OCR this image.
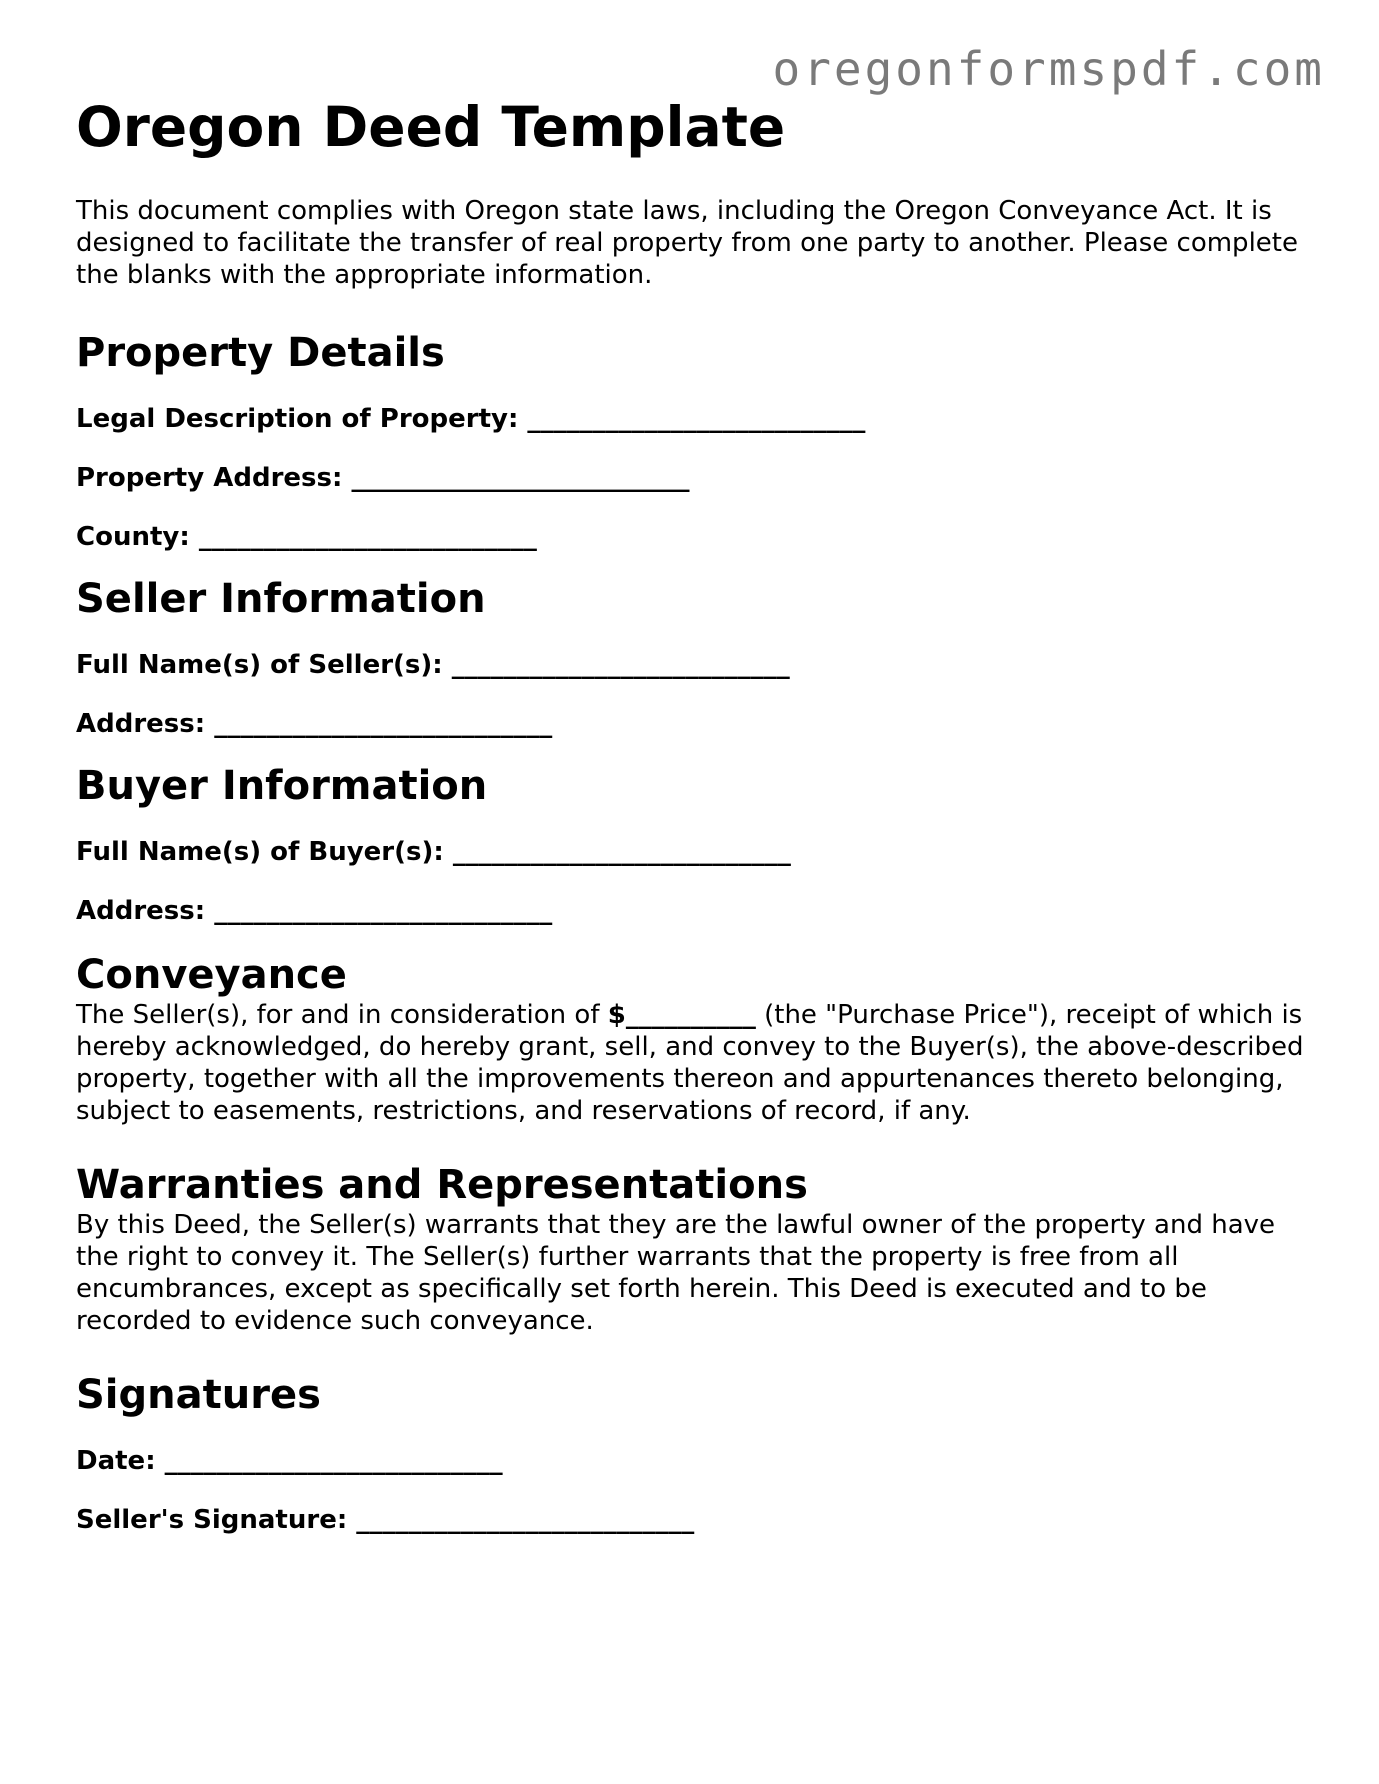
oregonformspdf.com
Oregon Deed Template

This document complies with Oregon state laws, including the Oregon Conveyance Act. It is designed to facilitate the transfer of real property from one party to another. Please complete the blanks with the appropriate information.

Property Details

Legal Description of Property: __________________________

Property Address: __________________________

County: __________________________

Seller Information

Full Name(s) of Seller(s): __________________________

Address: __________________________

Buyer Information

Full Name(s) of Buyer(s): __________________________

Address: __________________________

Conveyance

The Seller(s), for and in consideration of $__________ (the "Purchase Price"), receipt of which is hereby acknowledged, do hereby grant, sell, and convey to the Buyer(s), the above-described property, together with all the improvements thereon and appurtenances thereto belonging, subject to easements, restrictions, and reservations of record, if any.

Warranties and Representations

By this Deed, the Seller(s) warrants that they are the lawful owner of the property and have the right to convey it. The Seller(s) further warrants that the property is free from all encumbrances, except as specifically set forth herein. This Deed is executed and to be recorded to evidence such conveyance.

Signatures

Date: __________________________

Seller's Signature: __________________________
